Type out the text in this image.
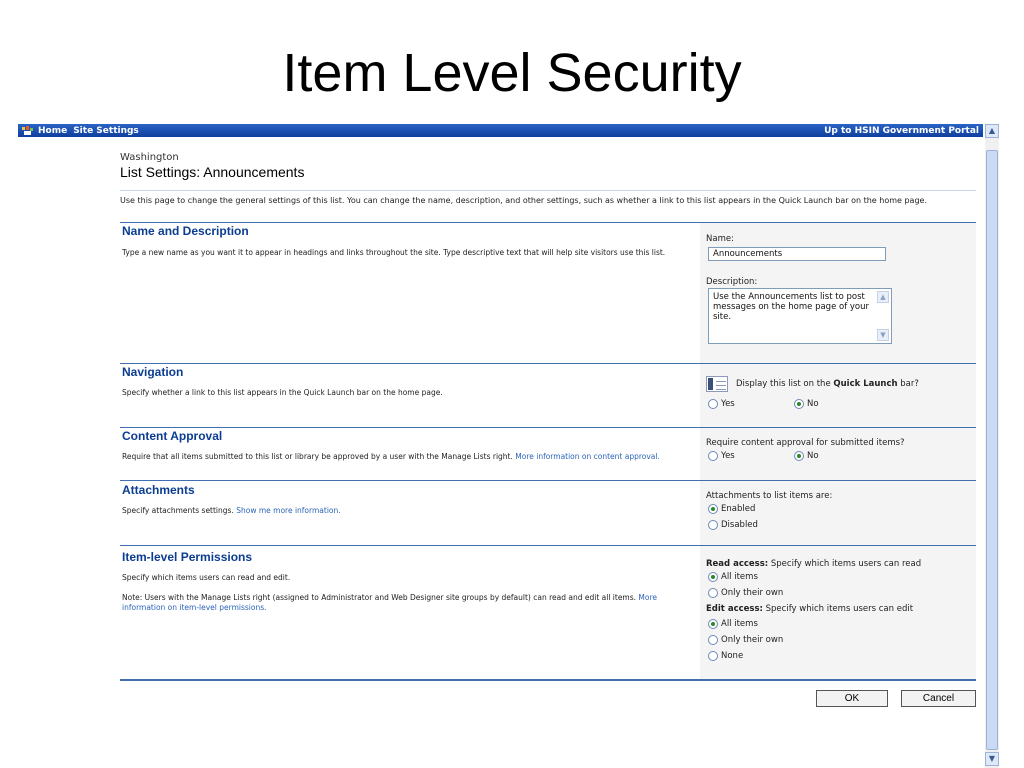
Item Level Security
Home Site Settings	Up to HSIN Government Portal	▲
▼
Washington
List Settings: Announcements
Use this page to change the general settings of this list. You can change the name, description, and other settings, such as whether a link to this list appears in the Quick Launch bar on the home page.
Name and Description
Type a new name as you want it to appear in headings and links throughout the site. Type descriptive text that will help site visitors use this list.
Name:
Announcements
Description:
Use the Announcements list to post messages on the home page of your site.
▲
▼
Navigation
Specify whether a link to this list appears in the Quick Launch bar on the home page.
Display this list on the Quick Launch bar?
Yes	No
Content Approval
Require that all items submitted to this list or library be approved by a user with the Manage Lists right. More information on content approval.
Require content approval for submitted items?
Yes	No
Attachments
Specify attachments settings. Show me more information.
Attachments to list items are:
Enabled
Disabled
Item-level Permissions
Specify which items users can read and edit.
Note: Users with the Manage Lists right (assigned to Administrator and Web Designer site groups by default) can read and edit all items. More information on item-level permissions.
Read access: Specify which items users can read
All items
Only their own
Edit access: Specify which items users can edit
All items
Only their own
None
OK	Cancel
